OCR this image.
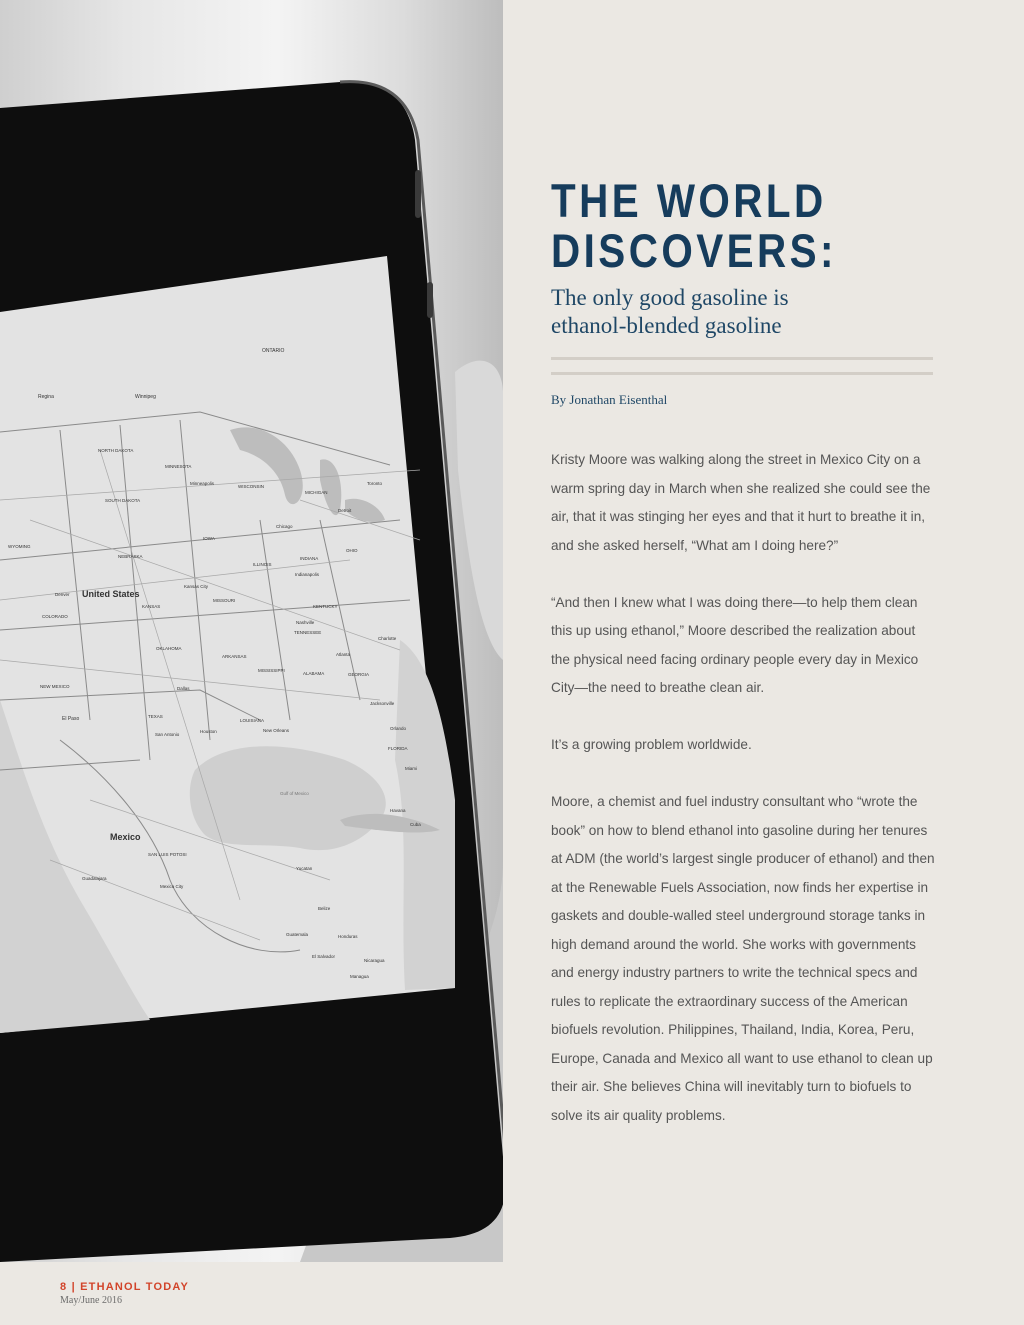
ONTARIO
Winnipeg
Regina
NORTH DAKOTA
MINNESOTA
SOUTH DAKOTA
Minneapolis
WISCONSIN
MICHIGAN
Toronto
Detroit
Chicago
IOWA
WYOMING
NEBRASKA
ILLINOIS
INDIANA
OHIO
Indianapolis
Denver United States
Kansas City
MISSOURI
KENTUCKY
COLORADO
KANSAS
Nashville
TENNESSEE
Charlotte
OKLAHOMA
ARKANSAS	Atlanta
MISSISSIPPI
ALABAMA	GEORGIA
NEW MEXICO	Dallas
Jacksonville
El Paso	TEXAS
LOUISIANA
San Antonio
Houston	New Orleans	Orlando
FLORIDA
Miami
Gulf of Mexico
Havana
Cuba
Mexico
SAN LUIS POTOSI
Guadalajara
Mexico City
Yucatan
Belize
Honduras
Guatemala
El Salvador
Nicaragua
Managua
THE WORLD
DISCOVERS:
The only good gasoline is ethanol-blended gasoline
By Jonathan Eisenthal

Kristy Moore was walking along the street in Mexico City on a warm spring day in March when she realized she could see the air, that it was stinging her eyes and that it hurt to breathe it in, and she asked herself, “What am I doing here?”

“And then I knew what I was doing there—to help them clean this up using ethanol,” Moore described the realization about the physical need facing ordinary people every day in Mexico City—the need to breathe clean air.

It’s a growing problem worldwide.

Moore, a chemist and fuel industry consultant who “wrote the book” on how to blend ethanol into gasoline during her tenures at ADM (the world’s largest single producer of ethanol) and then at the Renewable Fuels Association, now finds her expertise in gaskets and double-walled steel underground storage tanks in high demand around the world. She works with governments and energy industry partners to write the technical specs and rules to replicate the extraordinary success of the American biofuels revolution. Philippines, Thailand, India, Korea, Peru, Europe, Canada and Mexico all want to use ethanol to clean up their air. She believes China will inevitably turn to biofuels to solve its air quality problems.

8 | ETHANOL TODAY
May/June 2016
